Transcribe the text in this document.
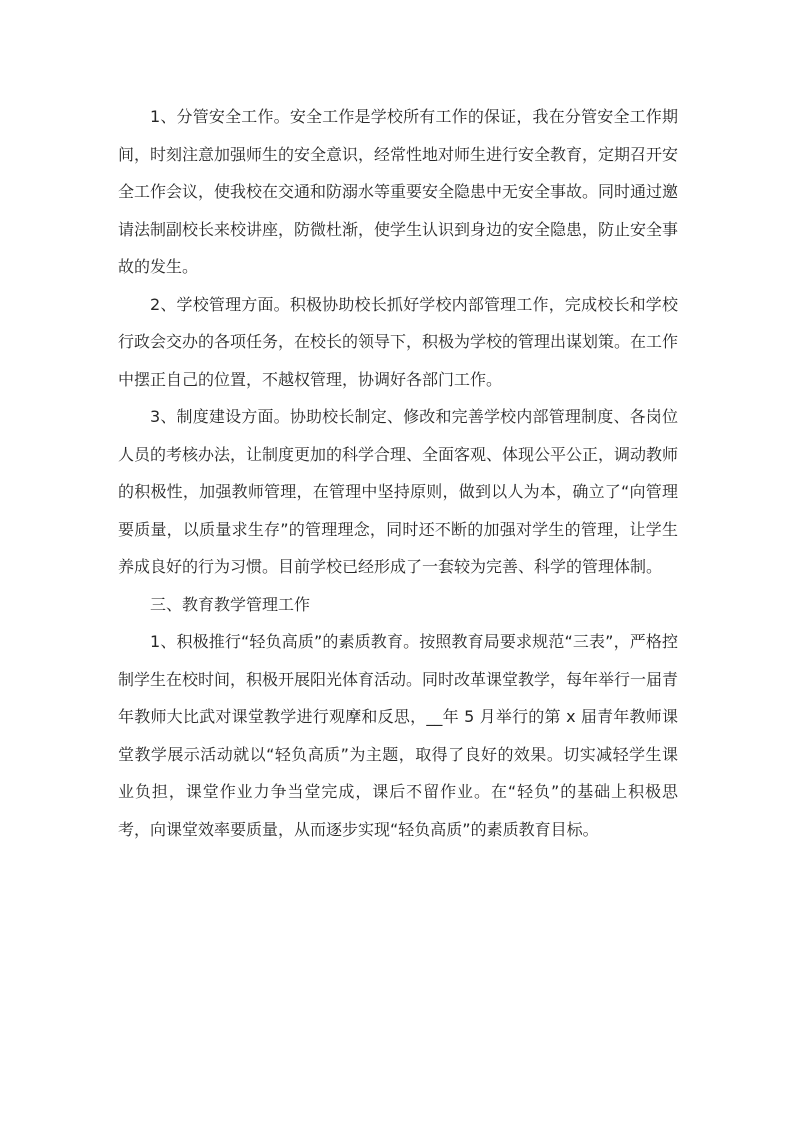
1、分管安全工作。安全工作是学校所有工作的保证，我在分管安全工作期间，时刻注意加强师生的安全意识，经常性地对师生进行安全教育，定期召开安全工作会议，使我校在交通和防溺水等重要安全隐患中无安全事故。同时通过邀请法制副校长来校讲座，防微杜渐，使学生认识到身边的安全隐患，防止安全事故的发生。

2、学校管理方面。积极协助校长抓好学校内部管理工作，完成校长和学校行政会交办的各项任务，在校长的领导下，积极为学校的管理出谋划策。在工作中摆正自己的位置，不越权管理，协调好各部门工作。

3、制度建设方面。协助校长制定、修改和完善学校内部管理制度、各岗位人员的考核办法，让制度更加的科学合理、全面客观、体现公平公正，调动教师的积极性，加强教师管理，在管理中坚持原则，做到以人为本，确立了“向管理要质量，以质量求生存”的管理理念，同时还不断的加强对学生的管理，让学生养成良好的行为习惯。目前学校已经形成了一套较为完善、科学的管理体制。

三、教育教学管理工作

1、积极推行“轻负高质”的素质教育。按照教育局要求规范“三表”，严格控制学生在校时间，积极开展阳光体育活动。同时改革课堂教学，每年举行一届青年教师大比武对课堂教学进行观摩和反思，__年 5 月举行的第 x 届青年教师课堂教学展示活动就以“轻负高质”为主题，取得了良好的效果。切实减轻学生课业负担，课堂作业力争当堂完成，课后不留作业。在“轻负”的基础上积极思考，向课堂效率要质量，从而逐步实现“轻负高质”的素质教育目标。
